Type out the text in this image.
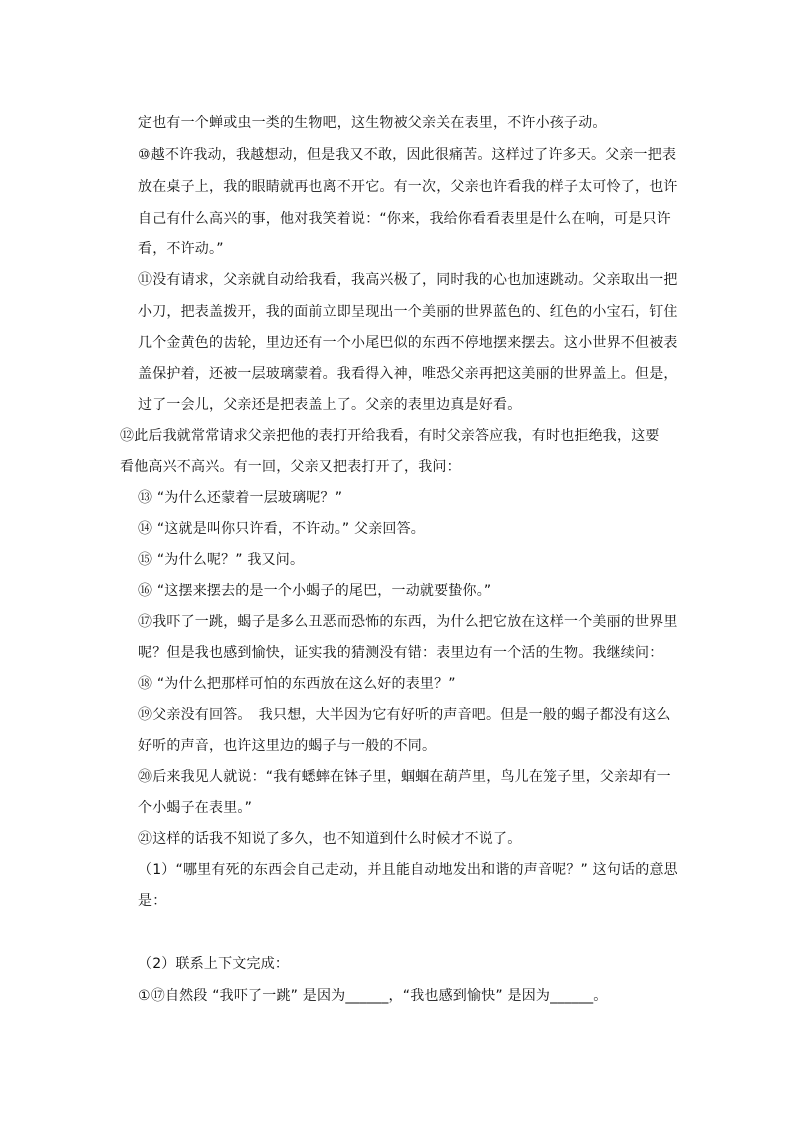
定也有一个蝉或虫一类的生物吧，这生物被父亲关在表里，不许小孩子动。
⑩越不许我动，我越想动，但是我又不敢，因此很痛苦。这样过了许多天。父亲一把表
放在桌子上，我的眼睛就再也离不开它。有一次，父亲也许看我的样子太可怜了，也许
自己有什么高兴的事，他对我笑着说：“你来，我给你看看表里是什么在响，可是只许
看，不许动。”
⑪没有请求，父亲就自动给我看，我高兴极了，同时我的心也加速跳动。父亲取出一把
小刀，把表盖拨开，我的面前立即呈现出一个美丽的世界蓝色的、红色的小宝石，钉住
几个金黄色的齿轮，里边还有一个小尾巴似的东西不停地摆来摆去。这小世界不但被表
盖保护着，还被一层玻璃蒙着。我看得入神，唯恐父亲再把这美丽的世界盖上。但是，
过了一会儿，父亲还是把表盖上了。父亲的表里边真是好看。
⑫此后我就常常请求父亲把他的表打开给我看，有时父亲答应我，有时也拒绝我，这要
看他高兴不高兴。有一回，父亲又把表打开了，我问：
⑬ “为什么还蒙着一层玻璃呢？”
⑭ “这就是叫你只许看，不许动。” 父亲回答。
⑮ “为什么呢？” 我又问。
⑯ “这摆来摆去的是一个小蝎子的尾巴，一动就要蛰你。”
⑰我吓了一跳，蝎子是多么丑恶而恐怖的东西，为什么把它放在这样一个美丽的世界里
呢？但是我也感到愉快，证实我的猜测没有错：表里边有一个活的生物。我继续问：
⑱ “为什么把那样可怕的东西放在这么好的表里？”
⑲父亲没有回答。　我只想，大半因为它有好听的声音吧。但是一般的蝎子都没有这么
好听的声音，也许这里边的蝎子与一般的不同。
⑳后来我见人就说：“我有蟋蟀在钵子里，蝈蝈在葫芦里，鸟儿在笼子里，父亲却有一
个小蝎子在表里。”
㉑这样的话我不知说了多久，也不知道到什么时候才不说了。
（1）“哪里有死的东西会自己走动，并且能自动地发出和谐的声音呢？” 这句话的意思
是：
（2）联系上下文完成：
①⑰自然段 “我吓了一跳” 是因为______，“我也感到愉快” 是因为______。
